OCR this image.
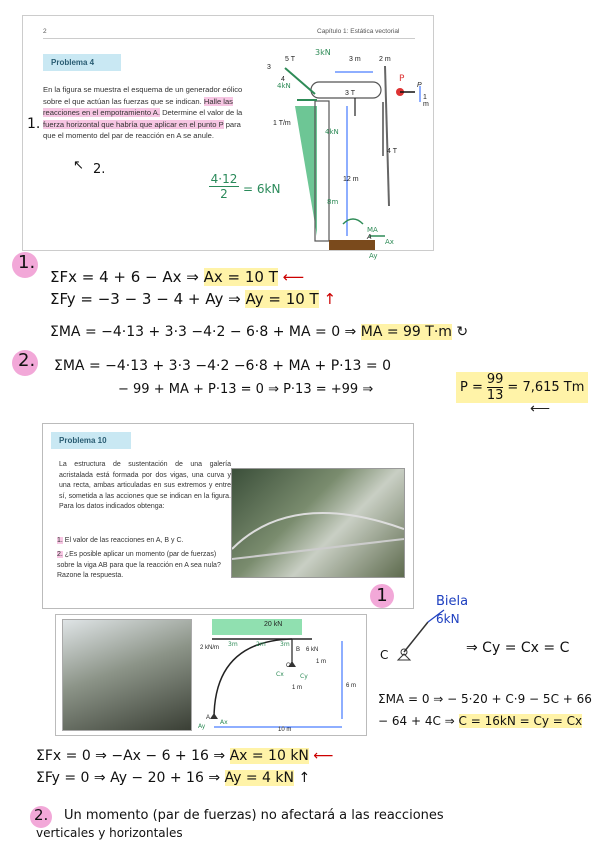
2	Capítulo 1: Estática vectorial
Problema 4
En la figura se muestra el esquema de un generador eólico sobre el que actúan las fuerzas que se indican. Halle las reacciones en el empotramiento A. Determine el valor de la fuerza horizontal que habría que aplicar en el punto P para que el momento del par de reacción en A se anule.
1.
↖ 2.
4·12
2	= 6kN
5 T
3
4
3kN
3 m	2 m
4kN
3 T
P
P
1 m
1 T/m
12 m
4 T
4kN
8m
MA
A
Ax
Ay
1.
ΣFx = 4 + 6 − Ax ⇒ Ax = 10 T ⟵
ΣFy = −3 − 3 − 4 + Ay ⇒ Ay = 10 T ↑
ΣMA = −4·13 + 3·3 −4·2 − 6·8 + MA = 0 ⇒ MA = 99 T·m ↻
2. ΣMA = −4·13 + 3·3 −4·2 −6·8 + MA + P·13 = 0
− 99 + MA + P·13 = 0 ⇒ P·13 = +99 ⇒	$P = \frac{99}{13} = 7,615$ Tm
⟵
Problema 10
La estructura de sustentación de una galería acristalada está formada por dos vigas, una curva y una recta, ambas articuladas en sus extremos y entre sí, sometida a las acciones que se indican en la figura. Para los datos indicados obtenga:
1. El valor de las reacciones en A, B y C.
2. ¿Es posible aplicar un momento (par de fuerzas) sobre la viga AB para que la reacción en A sea nula? Razone la respuesta.
1
20 kN
2 kN/m 3m	2m 3m
B 6 kN
1 m
C
Cx	Cy
1 m	6 m
A
Ax
Ay	10 m
Biela
6kN
C	⇒ Cy = Cx = C
ΣMA = 0 ⇒ − 5·20 + C·9 − 5C + 66
− 64 + 4C ⇒ C = 16kN = Cy = Cx
ΣFx = 0 ⇒ −Ax − 6 + 16 ⇒ Ax = 10 kN ⟵
ΣFy = 0 ⇒ Ay − 20 + 16 ⇒ Ay = 4 kN ↑
2. Un momento (par de fuerzas) no afectará a las reacciones
verticales y horizontales
